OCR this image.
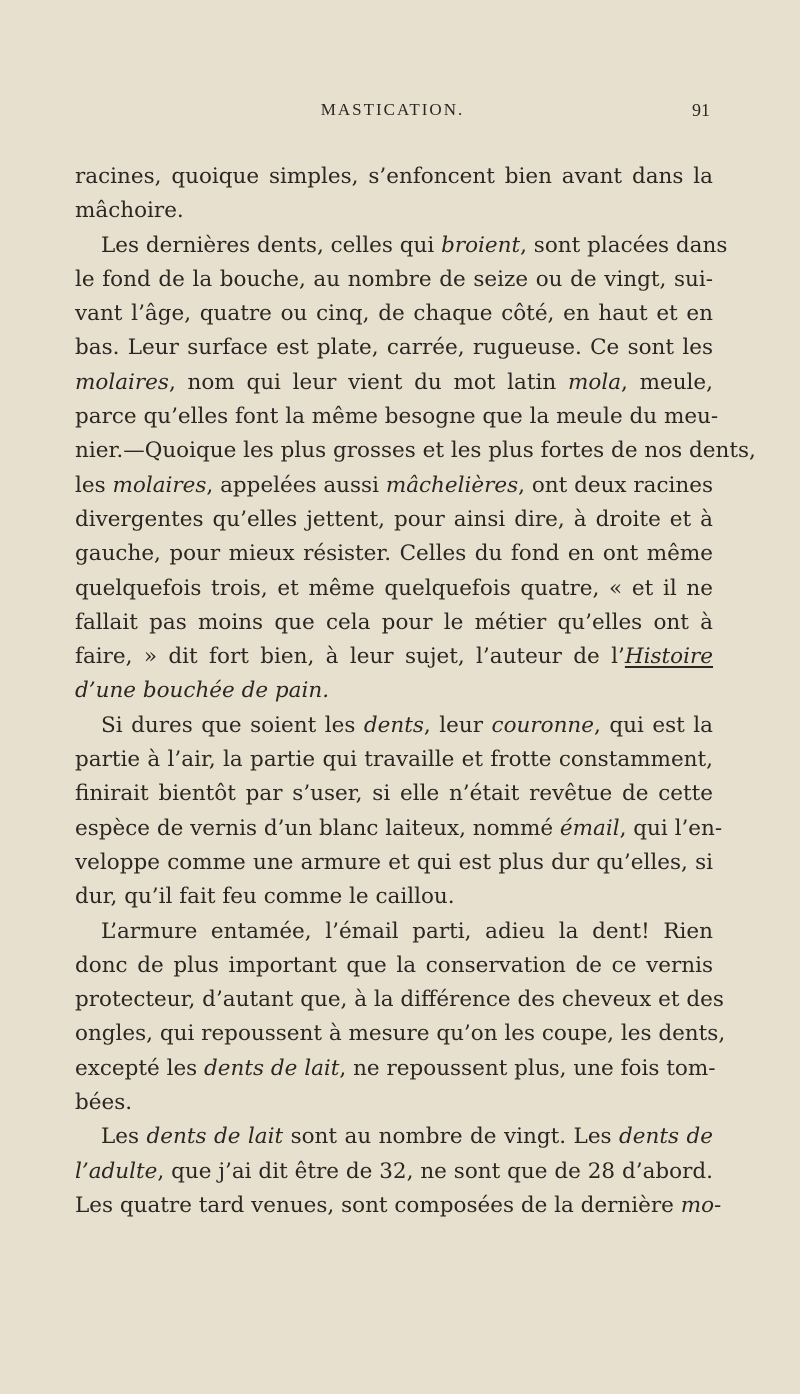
MASTICATION.	91
racines, quoique simples, s’enfoncent bien avant dans la
mâchoire.
Les dernières dents, celles qui broient, sont placées dans
le fond de la bouche, au nombre de seize ou de vingt, sui-
vant l’âge, quatre ou cinq, de chaque côté, en haut et en
bas. Leur surface est plate, carrée, rugueuse. Ce sont les
molaires, nom qui leur vient du mot latin mola, meule,
parce qu’elles font la même besogne que la meule du meu-
nier.—Quoique les plus grosses et les plus fortes de nos dents,
les molaires, appelées aussi mâchelières, ont deux racines
divergentes qu’elles jettent, pour ainsi dire, à droite et à
gauche, pour mieux résister. Celles du fond en ont même
quelquefois trois, et même quelquefois quatre, « et il ne
fallait pas moins que cela pour le métier qu’elles ont à
faire, » dit fort bien, à leur sujet, l’auteur de l’Histoire
d’une bouchée de pain.
Si dures que soient les dents, leur couronne, qui est la
partie à l’air, la partie qui travaille et frotte constamment,
finirait bientôt par s’user, si elle n’était revêtue de cette
espèce de vernis d’un blanc laiteux, nommé émail, qui l’en-
veloppe comme une armure et qui est plus dur qu’elles, si
dur, qu’il fait feu comme le caillou.
L’armure entamée, l’émail parti, adieu la dent! Rien
donc de plus important que la conservation de ce vernis
protecteur, d’autant que, à la différence des cheveux et des
ongles, qui repoussent à mesure qu’on les coupe, les dents,
excepté les dents de lait, ne repoussent plus, une fois tom-
bées.
Les dents de lait sont au nombre de vingt. Les dents de
l’adulte, que j’ai dit être de 32, ne sont que de 28 d’abord.
Les quatre tard venues, sont composées de la dernière mo-
